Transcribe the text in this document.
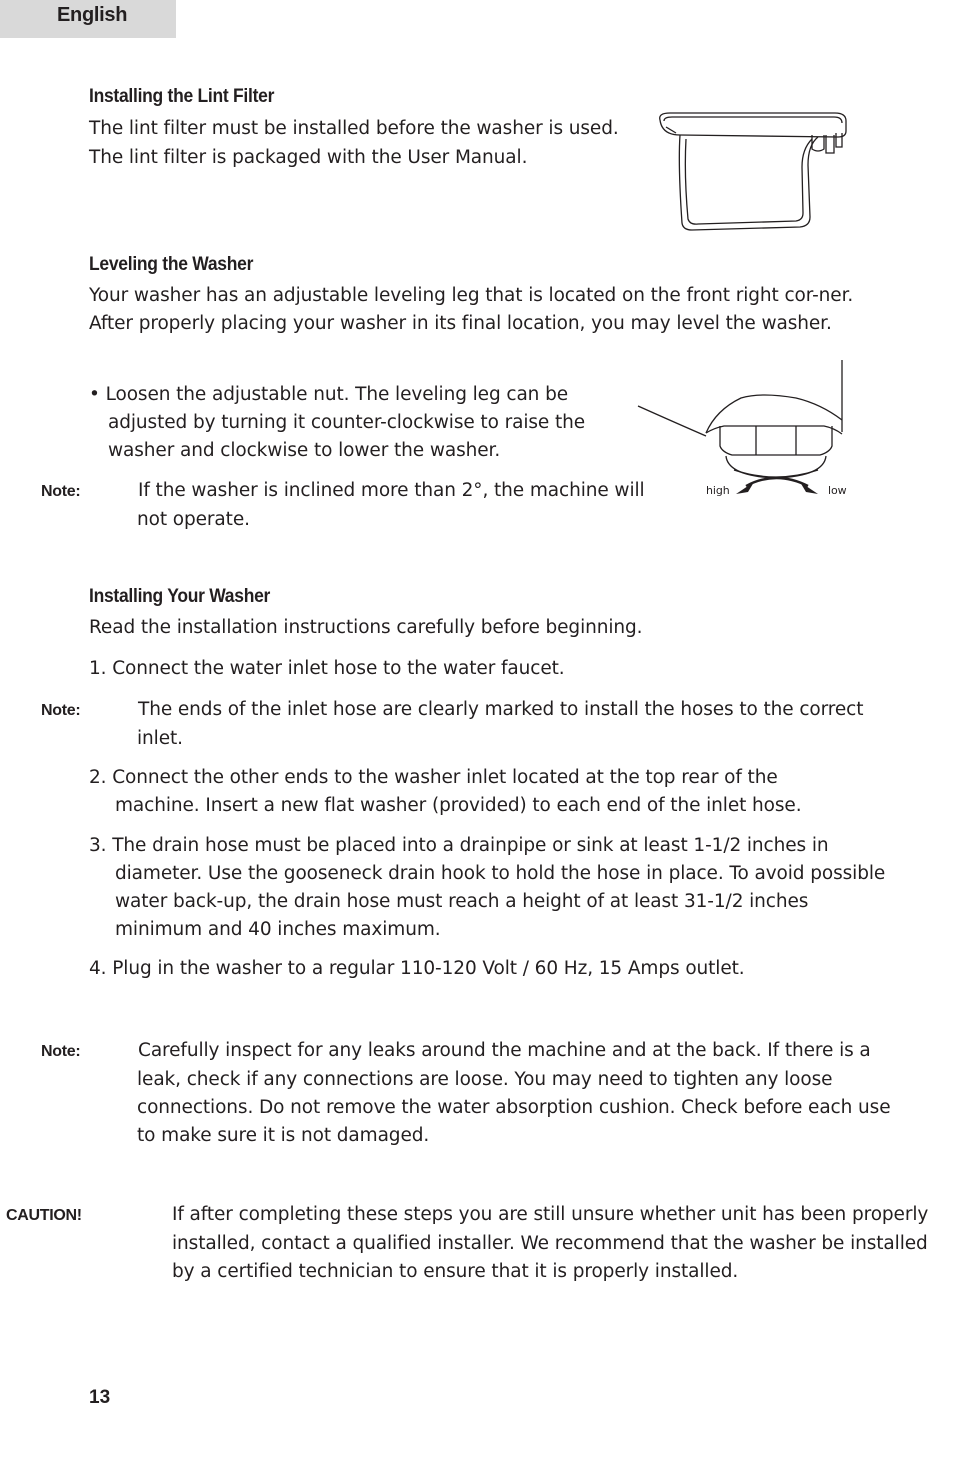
English
Installing the Lint Filter

The lint filter must be installed before the washer is used.

The lint filter is packaged with the User Manual.

Leveling the Washer

Your washer has an adjustable leveling leg that is located on the front right cor-ner. After properly placing your washer in its final location, you may level the washer.

• Loosen the adjustable nut. The leveling leg can be adjusted by turning it counter-clockwise to raise the washer and clockwise to lower the washer.

Note:	If the washer is inclined more than 2°, the machine will not operate.

high	low
Installing Your Washer

Read the installation instructions carefully before beginning.

1. Connect the water inlet hose to the water faucet.

Note:	The ends of the inlet hose are clearly marked to install the hoses to the correct inlet.

2. Connect the other ends to the washer inlet located at the top rear of the machine. Insert a new flat washer (provided) to each end of the inlet hose.

3. The drain hose must be placed into a drainpipe or sink at least 1-1/2 inches in diameter. Use the gooseneck drain hook to hold the hose in place. To avoid possible water back-up, the drain hose must reach a height of at least 31-1/2 inches minimum and 40 inches maximum.

4. Plug in the washer to a regular 110-120 Volt / 60 Hz, 15 Amps outlet.

Note:	Carefully inspect for any leaks around the machine and at the back. If there is a leak, check if any connections are loose. You may need to tighten any loose connections. Do not remove the water absorption cushion. Check before each use to make sure it is not damaged.

CAUTION!	If after completing these steps you are still unsure whether unit has been properly installed, contact a qualified installer. We recommend that the washer be installed by a certified technician to ensure that it is properly installed.

13
